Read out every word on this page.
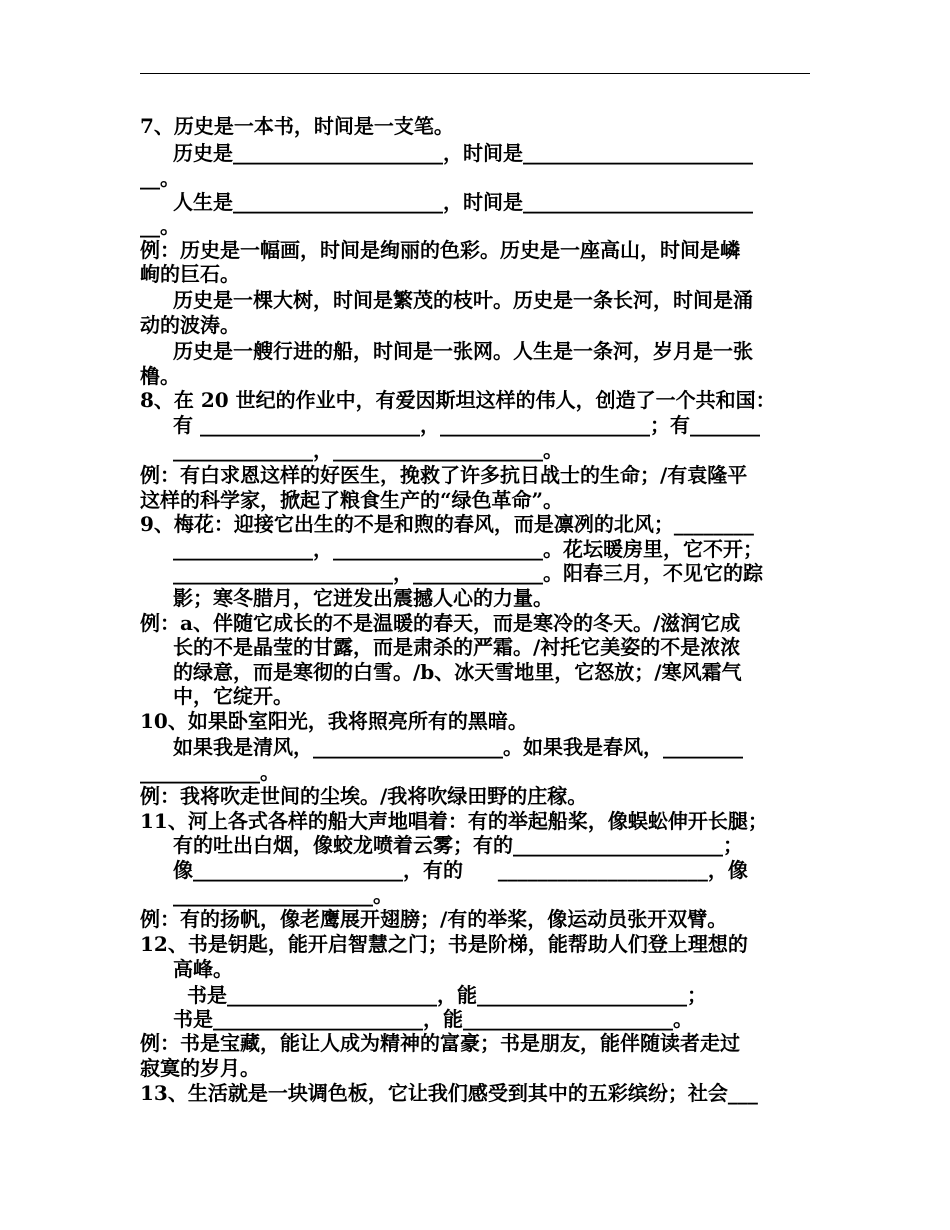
7、历史是一本书，时间是一支笔。
历史是_____________________，时间是_______________________
__。
人生是_____________________，时间是_______________________
__。
例：历史是一幅画，时间是绚丽的色彩。历史是一座高山，时间是嶙
峋的巨石。
历史是一棵大树，时间是繁茂的枝叶。历史是一条长河，时间是涌
动的波涛。
历史是一艘行进的船，时间是一张网。人生是一条河，岁月是一张
橹。
8、在 20 世纪的作业中，有爱因斯坦这样的伟人，创造了一个共和国：
有 ______________________，_____________________；有_______
______________，_____________________。
例：有白求恩这样的好医生，挽救了许多抗日战士的生命；/有袁隆平
这样的科学家，掀起了粮食生产的“绿色革命”。
9、梅花：迎接它出生的不是和煦的春风，而是凛冽的北风；________
______________，_____________________。花坛暖房里，它不开；
______________________，_____________。阳春三月，不见它的踪
影；寒冬腊月，它迸发出震撼人心的力量。
例：a、伴随它成长的不是温暖的春天，而是寒冷的冬天。/滋润它成
长的不是晶莹的甘露，而是肃杀的严霜。/衬托它美姿的不是浓浓
的绿意，而是寒彻的白雪。/b、冰天雪地里，它怒放；/寒风霜气
中，它绽开。
10、如果卧室阳光，我将照亮所有的黑暗。
如果我是清风，___________________。如果我是春风，________
____________。
例：我将吹走世间的尘埃。/我将吹绿田野的庄稼。
11、河上各式各样的船大声地唱着：有的举起船桨，像蜈蚣伸开长腿；
有的吐出白烟，像蛟龙喷着云雾；有的_____________________；
像_____________________，有的     _____________________，像
____________________。
例：有的扬帆，像老鹰展开翅膀；/有的举桨，像运动员张开双臂。
12、书是钥匙，能开启智慧之门；书是阶梯，能帮助人们登上理想的
高峰。
书是_____________________，能_____________________；
书是_____________________，能_____________________。
例：书是宝藏，能让人成为精神的富豪；书是朋友，能伴随读者走过
寂寞的岁月。
13、生活就是一块调色板，它让我们感受到其中的五彩缤纷；社会___
